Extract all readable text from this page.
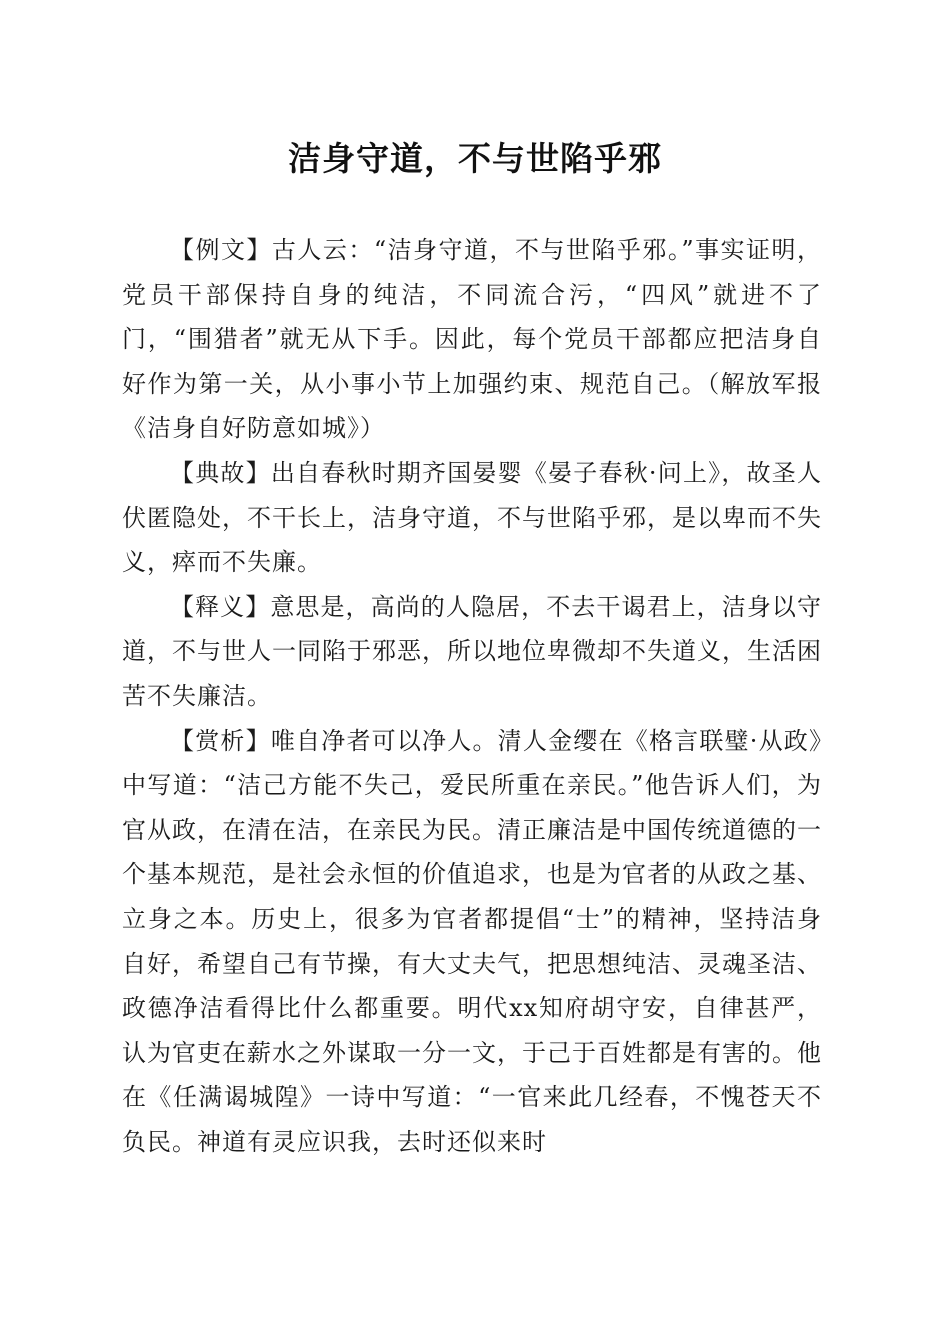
洁身守道，不与世陷乎邪

【例文】古人云：“洁身守道，不与世陷乎邪。”事实证明，党员干部保持自身的纯洁，不同流合污，“四风”就进不了门，“围猎者”就无从下手。因此，每个党员干部都应把洁身自好作为第一关，从小事小节上加强约束、规范自己。（解放军报《洁身自好防意如城》）

【典故】出自春秋时期齐国晏婴《晏子春秋·问上》，故圣人伏匿隐处，不干长上，洁身守道，不与世陷乎邪，是以卑而不失义，瘁而不失廉。

【释义】意思是，高尚的人隐居，不去干谒君上，洁身以守道，不与世人一同陷于邪恶，所以地位卑微却不失道义，生活困苦不失廉洁。

【赏析】唯自净者可以净人。清人金缨在《格言联璧·从政》中写道：“洁己方能不失己，爱民所重在亲民。”他告诉人们，为官从政，在清在洁，在亲民为民。清正廉洁是中国传统道德的一个基本规范，是社会永恒的价值追求，也是为官者的从政之基、立身之本。历史上，很多为官者都提倡“士”的精神，坚持洁身自好，希望自己有节操，有大丈夫气，把思想纯洁、灵魂圣洁、政德净洁看得比什么都重要。明代xx知府胡守安，自律甚严，认为官吏在薪水之外谋取一分一文，于己于百姓都是有害的。他在《任满谒城隍》一诗中写道：“一官来此几经春，不愧苍天不负民。神道有灵应识我，去时还似来时
